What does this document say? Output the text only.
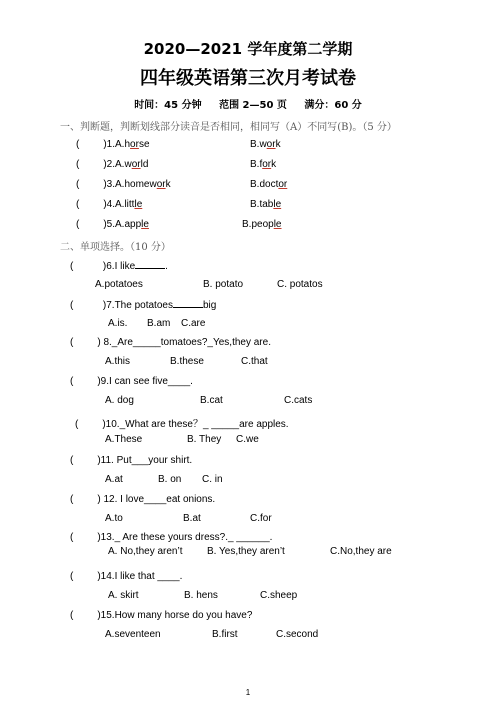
2020—2021 学年度第二学期
四年级英语第三次月考试卷
时间：45 分钟 范围 2—50 页 满分：60 分
一、判断题，判断划线部分读音是否相同，相同写（A）不同写(B)。（5 分）
( )1.A.horse	B.work
( )2.A.world	B.fork
( )3.A.homework	B.doctor
( )4.A.little	B.table
( )5.A.apple	B.people
二、单项选择。（10 分）
(	)6.I like	.
A.potatoes	B. potato	C. potatos
(	)7.The potatoes	big
A.is. B.am C.are
( ) 8._Are_____tomatoes?_Yes,they are.
A.this	B.these	C.that
( )9.I can see five____.
A. dog	B.cat	C.cats
( )10._What are these？_ _____are apples.
A.These	B. They C.we
( )11. Put___your shirt.
A.at	B. on C. in
( ) 12. I love____eat onions.
A.to	B.at	C.for
( )13._ Are these yours dress?._ ______.
A. No,they aren’t B. Yes,they aren’t	C.No,they are
( )14.I like that ____.
A. skirt	B. hens	C.sheep
( )15.How many horse do you have?
A.seventeen	B.first	C.second
1
